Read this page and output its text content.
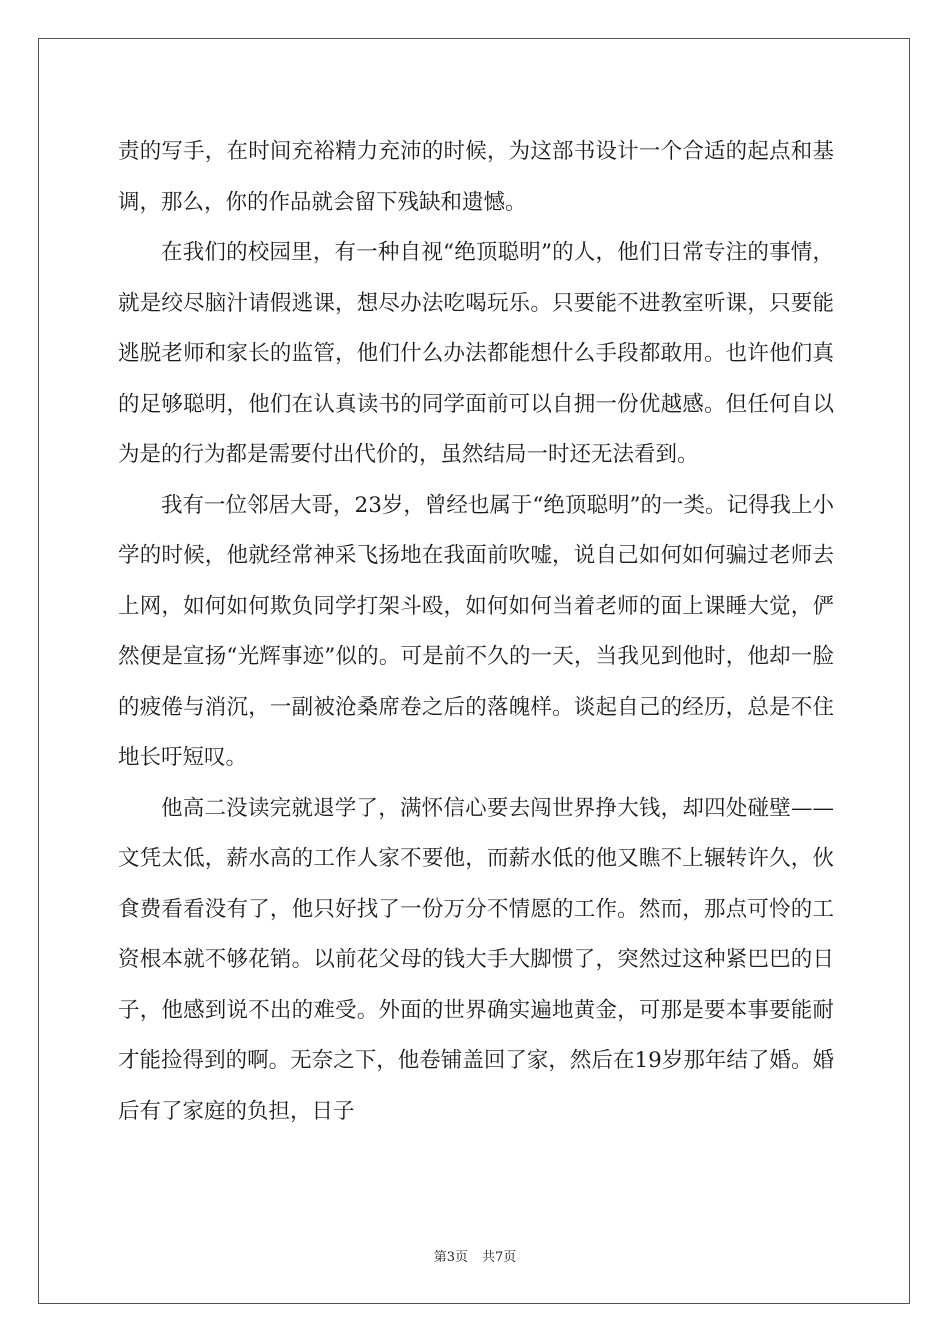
责的写手，在时间充裕精力充沛的时候，为这部书设计一个合适的起点和基调，那么，你的作品就会留下残缺和遗憾。

在我们的校园里，有一种自视“绝顶聪明”的人，他们日常专注的事情，就是绞尽脑汁请假逃课，想尽办法吃喝玩乐。只要能不进教室听课，只要能逃脱老师和家长的监管，他们什么办法都能想什么手段都敢用。也许他们真的足够聪明，他们在认真读书的同学面前可以自拥一份优越感。但任何自以为是的行为都是需要付出代价的，虽然结局一时还无法看到。

我有一位邻居大哥，23岁，曾经也属于“绝顶聪明”的一类。记得我上小学的时候，他就经常神采飞扬地在我面前吹嘘，说自己如何如何骗过老师去上网，如何如何欺负同学打架斗殴，如何如何当着老师的面上课睡大觉，俨然便是宣扬“光辉事迹”似的。可是前不久的一天，当我见到他时，他却一脸的疲倦与消沉，一副被沧桑席卷之后的落魄样。谈起自己的经历，总是不住地长吁短叹。

他高二没读完就退学了，满怀信心要去闯世界挣大钱，却四处碰壁——文凭太低，薪水高的工作人家不要他，而薪水低的他又瞧不上辗转许久，伙食费看看没有了，他只好找了一份万分不情愿的工作。然而，那点可怜的工资根本就不够花销。以前花父母的钱大手大脚惯了，突然过这种紧巴巴的日子，他感到说不出的难受。外面的世界确实遍地黄金，可那是要本事要能耐才能捡得到的啊。无奈之下，他卷铺盖回了家，然后在19岁那年结了婚。婚后有了家庭的负担，日子

第3页 共7页
